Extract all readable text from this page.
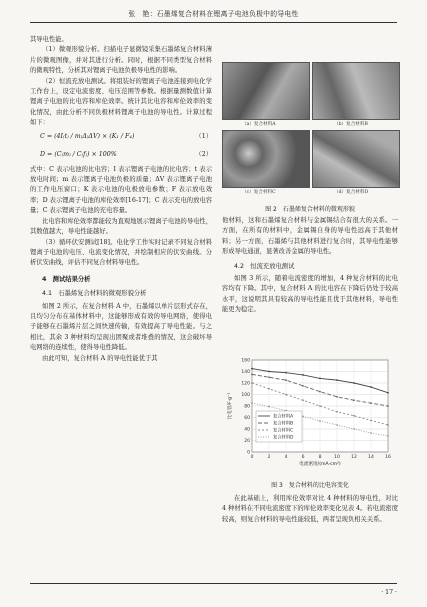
张　艳：石墨烯复合材料在锂离子电池负极中的导电性

其导电性能。

（1）微观形貌分析。扫描电子显微镜采集石墨烯复合材料薄片的微观图像，并对其进行分析。同时，根据不同类型复合材料的微观特性，分析其对锂离子电池负极导电性的影响。

（2）恒流充放电测试。将组装好的锂离子电池连接到电化学工作台上，设定电流密度、电压范围等参数。根据量测数值计算锂离子电池的比电容和库伦效率。统计其比电容和库伦效率的变化情况，由此分析不同负极材料锂离子电池的导电性。计算过程如下：

C = (4I₍t₎ / m₍Δ₎ΔV) × (K₁ / F₄)	（1）
D = (C₍m₎ / C₍f₎) × 100%	（2）

式中：C 表示电池的比电容；I 表示锂离子电池的比电容；t 表示放电时间；m 表示锂离子电池负极的质量；ΔV 表示锂离子电池的工作电压窗口；K 表示电池的电极放电参数；F 表示放电效率；D 表示锂离子电池的库伦效率[16-17]；C 表示充电的放电容量；C 表示锂离子电池的充电容量。

比电容和库伦效率都能较为直观地展示锂离子电池的导电性，其数值越大，导电性能越好。

（3）循环伏安测试[18]。电化学工作实时记录不同复合材料锂离子电池的电压、电流变化情况，并绘制相应的伏安曲线。分析伏安曲线，评估不同复合材料导电性。

4　测试结果分析

4.1　石墨烯复合材料的微观形貌分析

如图 2 所示，在复合材料 A 中，石墨烯以单片层形式存在，且均匀分布在基体材料中，这能够形成有效的导电网络，使得电子能够在石墨烯片层之间快速传输，有效提高了导电性能。与之相比，其余 3 种材料均呈现出团聚或者堆叠的情况，这会破坏导电网络的连续性，使得导电性降低。

由此可知，复合材料 A 的导电性能优于其

（a）复合材料A	（b）复合材料B
（c）复合材料C	（d）复合材料D
图 2　石墨烯复合材料的微观形貌

他材料，这和石墨烯复合材料与金属锡结合有很大的关系。一方面，在所有的材料中，金属锡自身的导电性远高于其他材料；另一方面，石墨烯与其他材料进行复合时，其导电性能够形成导电通道，显著改善金属的导电性。

4.2　恒流充放电测试

如图 3 所示，随着电流密度的增加，4 种复合材料的比电容均有下降。其中，复合材料 A 的比电容在下降后仍处于较高水平，这说明其具有较高的导电性能且优于其他材料，导电性能更为稳定。

0
20
40
60
80
100
120
140
160
0	2	4	6	8	10	12	14	16
复合材料A
复合材料B
复合材料C
复合材料D
电流密度/(mA·cm²)
比电容/F·g⁻¹
图 3　复合材料的比电容变化

在此基础上，利用库伦效率对比 4 种材料的导电性，对比 4 种材料在不同电流密度下的库伦效率变化见表 4。若电流密度较高，则复合材料的导电性能较低，两者呈现负相关关系。

· 17 ·
